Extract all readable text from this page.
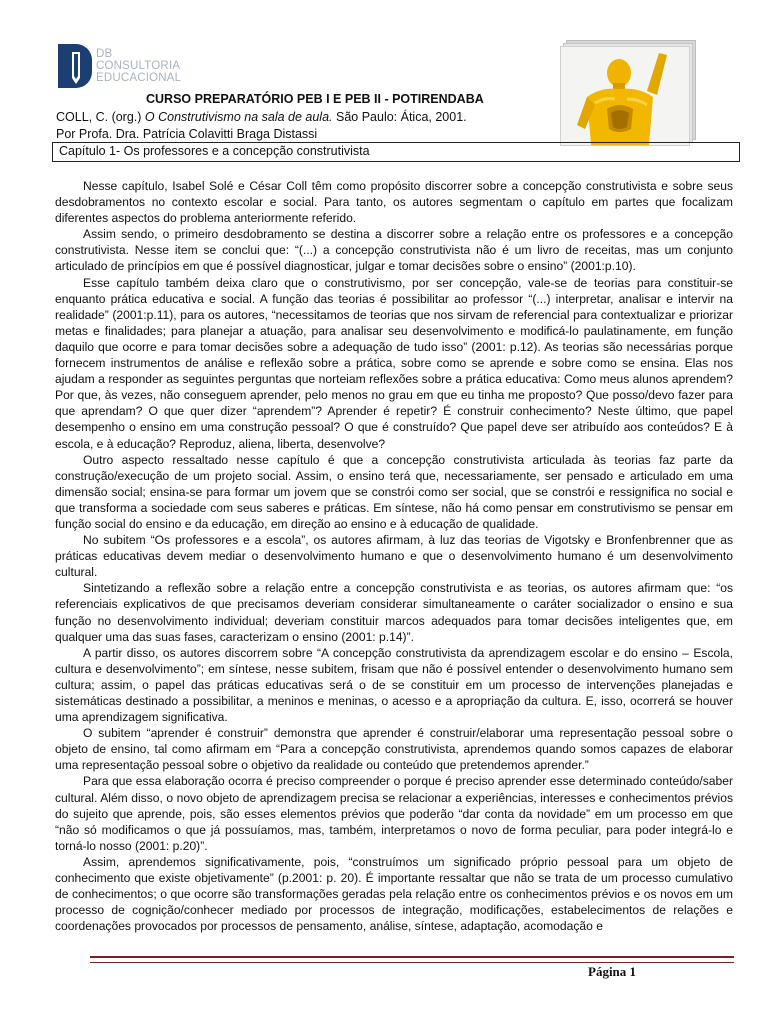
DB
CONSULTORIA
EDUCACIONAL
CURSO PREPARATÓRIO PEB I E PEB II - POTIRENDABA
COLL, C. (org.) O Construtivismo na sala de aula. São Paulo: Ática, 2001.
Por Profa. Dra. Patrícia Colavitti Braga Distassi
Capítulo 1- Os professores e a concepção construtivista

Nesse capítulo, Isabel Solé e César Coll têm como propósito discorrer sobre a concepção construtivista e sobre seus desdobramentos no contexto escolar e social. Para tanto, os autores segmentam o capítulo em partes que focalizam diferentes aspectos do problema anteriormente referido.

Assim sendo, o primeiro desdobramento se destina a discorrer sobre a relação entre os professores e a concepção construtivista. Nesse item se conclui que: “(...) a concepção construtivista não é um livro de receitas, mas um conjunto articulado de princípios em que é possível diagnosticar, julgar e tomar decisões sobre o ensino” (2001:p.10).

Esse capítulo também deixa claro que o construtivismo, por ser concepção, vale-se de teorias para constituir-se enquanto prática educativa e social. A função das teorias é possibilitar ao professor “(...) interpretar, analisar e intervir na realidade” (2001:p.11), para os autores, “necessitamos de teorias que nos sirvam de referencial para contextualizar e priorizar metas e finalidades; para planejar a atuação, para analisar seu desenvolvimento e modificá-lo paulatinamente, em função daquilo que ocorre e para tomar decisões sobre a adequação de tudo isso” (2001: p.12). As teorias são necessárias porque fornecem instrumentos de análise e reflexão sobre a prática, sobre como se aprende e sobre como se ensina. Elas nos ajudam a responder as seguintes perguntas que norteiam reflexões sobre a prática educativa: Como meus alunos aprendem? Por que, às vezes, não conseguem aprender, pelo menos no grau em que eu tinha me proposto? Que posso/devo fazer para que aprendam? O que quer dizer “aprendem”? Aprender é repetir? É construir conhecimento? Neste último, que papel desempenho o ensino em uma construção pessoal? O que é construído? Que papel deve ser atribuído aos conteúdos? E à escola, e à educação? Reproduz, aliena, liberta, desenvolve?

Outro aspecto ressaltado nesse capítulo é que a concepção construtivista articulada às teorias faz parte da construção/execução de um projeto social. Assim, o ensino terá que, necessariamente, ser pensado e articulado em uma dimensão social; ensina-se para formar um jovem que se constrói como ser social, que se constrói e ressignifica no social e que transforma a sociedade com seus saberes e práticas. Em síntese, não há como pensar em construtivismo se pensar em função social do ensino e da educação, em direção ao ensino e à educação de qualidade.

No subitem “Os professores e a escola”, os autores afirmam, à luz das teorias de Vigotsky e Bronfenbrenner que as práticas educativas devem mediar o desenvolvimento humano e que o desenvolvimento humano é um desenvolvimento cultural.

Sintetizando a reflexão sobre a relação entre a concepção construtivista e as teorias, os autores afirmam que: “os referenciais explicativos de que precisamos deveriam considerar simultaneamente o caráter socializador o ensino e sua função no desenvolvimento individual; deveriam constituir marcos adequados para tomar decisões inteligentes que, em qualquer uma das suas fases, caracterizam o ensino (2001: p.14)”.

A partir disso, os autores discorrem sobre “A concepção construtivista da aprendizagem escolar e do ensino – Escola, cultura e desenvolvimento”; em síntese, nesse subitem, frisam que não é possível entender o desenvolvimento humano sem cultura; assim, o papel das práticas educativas será o de se constituir em um processo de intervenções planejadas e sistemáticas destinado a possibilitar, a meninos e meninas, o acesso e a apropriação da cultura. E, isso, ocorrerá se houver uma aprendizagem significativa.

O subitem “aprender é construir” demonstra que aprender é construir/elaborar uma representação pessoal sobre o objeto de ensino, tal como afirmam em “Para a concepção construtivista, aprendemos quando somos capazes de elaborar uma representação pessoal sobre o objetivo da realidade ou conteúdo que pretendemos aprender.”

Para que essa elaboração ocorra é preciso compreender o porque é preciso aprender esse determinado conteúdo/saber cultural. Além disso, o novo objeto de aprendizagem precisa se relacionar a experiências, interesses e conhecimentos prévios do sujeito que aprende, pois, são esses elementos prévios que poderão “dar conta da novidade” em um processo em que “não só modificamos o que já possuíamos, mas, também, interpretamos o novo de forma peculiar, para poder integrá-lo e torná-lo nosso (2001: p.20)”.

Assim, aprendemos significativamente, pois, “construímos um significado próprio pessoal para um objeto de conhecimento que existe objetivamente” (p.2001: p. 20). É importante ressaltar que não se trata de um processo cumulativo de conhecimentos; o que ocorre são transformações geradas pela relação entre os conhecimentos prévios e os novos em um processo de cognição/conhecer mediado por processos de integração, modificações, estabelecimentos de relações e coordenações provocados por processos de pensamento, análise, síntese, adaptação, acomodação e

Página 1
